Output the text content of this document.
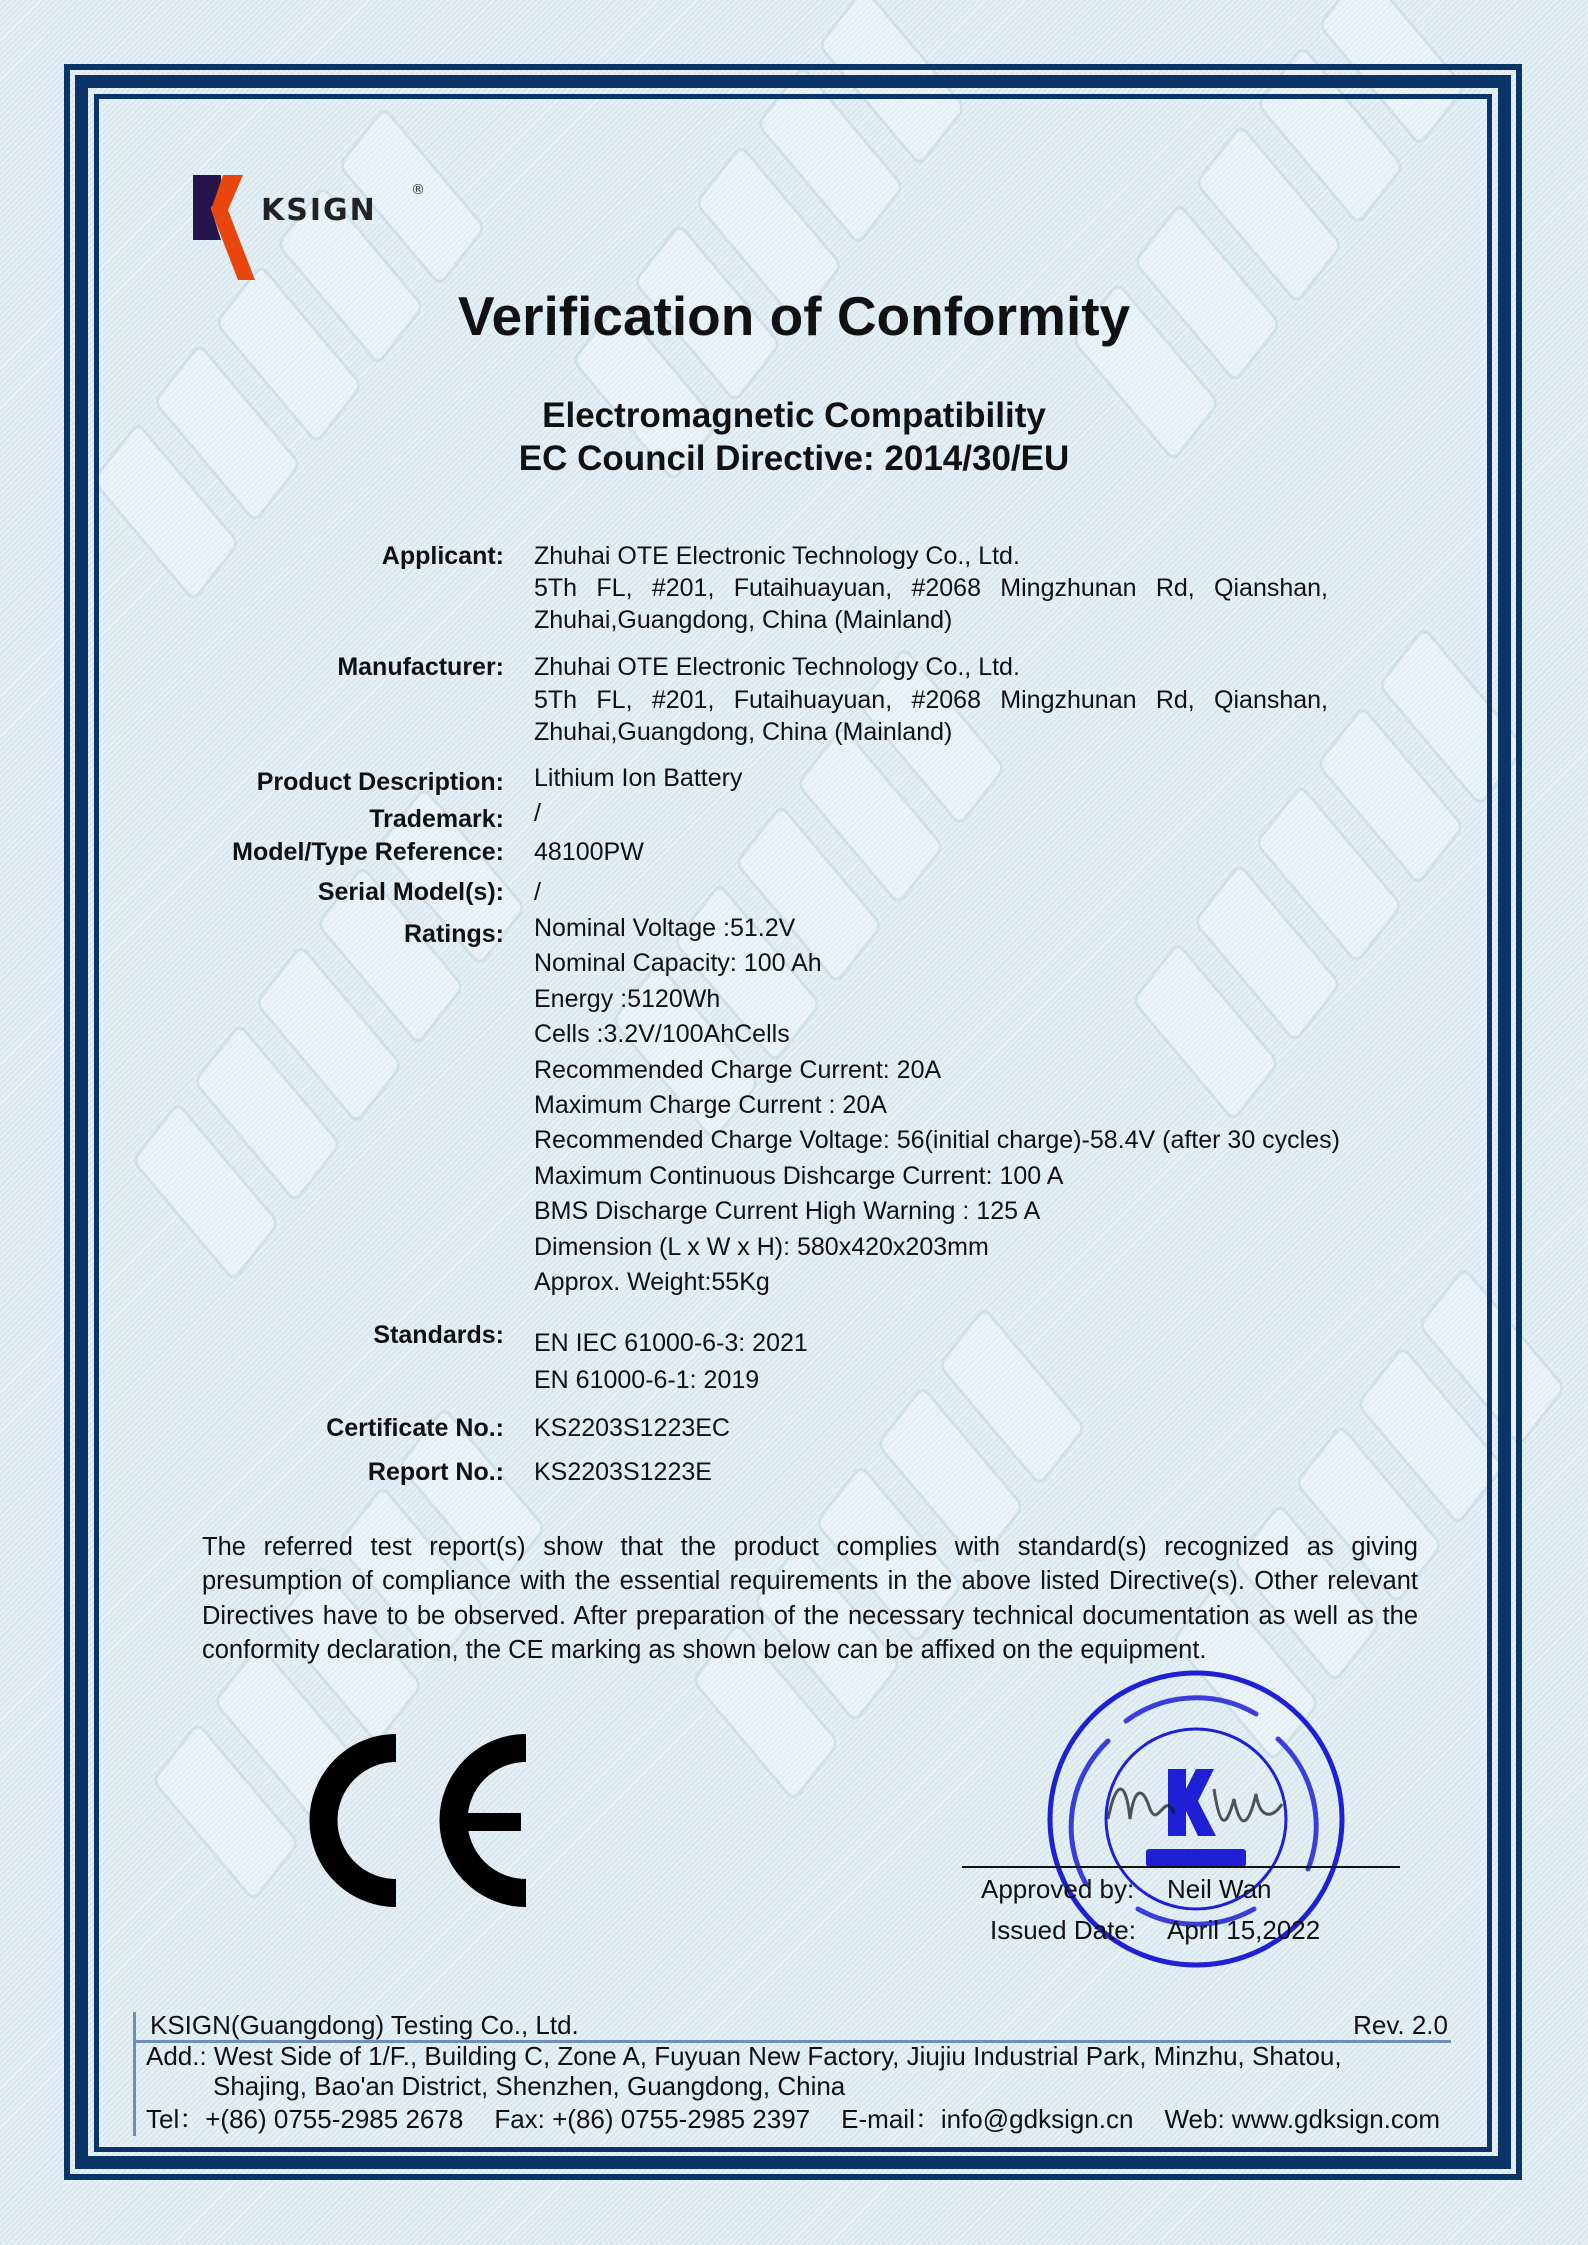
KSIGN
®
Verification of Conformity
Electromagnetic Compatibility
EC Council Directive: 2014/30/EU
Applicant: Zhuhai OTE Electronic Technology Co., Ltd.
5Th FL, #201, Futaihuayuan, #2068 Mingzhunan Rd, Qianshan,
Zhuhai,Guangdong, China (Mainland)
Manufacturer: Zhuhai OTE Electronic Technology Co., Ltd.
5Th FL, #201, Futaihuayuan, #2068 Mingzhunan Rd, Qianshan,
Zhuhai,Guangdong, China (Mainland)
Product Description: Lithium Ion Battery
Trademark: /
Model/Type Reference: 48100PW
Serial Model(s): /
Ratings: Nominal Voltage :51.2V
Nominal Capacity: 100 Ah
Energy :5120Wh
Cells :3.2V/100AhCells
Recommended Charge Current: 20A
Maximum Charge Current : 20A
Recommended Charge Voltage: 56(initial charge)-58.4V (after 30 cycles)
Maximum Continuous Dishcarge Current: 100 A
BMS Discharge Current High Warning : 125 A
Dimension (L x W x H): 580x420x203mm
Approx. Weight:55Kg
Standards: EN IEC 61000-6-3: 2021
EN 61000-6-1: 2019
Certificate No.: KS2203S1223EC
Report No.: KS2203S1223E
The referred test report(s) show that the product complies with standard(s) recognized as giving presumption of compliance with the essential requirements in the above listed Directive(s). Other relevant Directives have to be observed. After preparation of the necessary technical documentation as well as the conformity declaration, the CE marking as shown below can be affixed on the equipment.
Approved by: Neil Wan
Issued Date: April 15,2022
KSIGN(Guangdong) Testing Co., Ltd.	Rev. 2.0
Add.: West Side of 1/F., Building C, Zone A, Fuyuan New Factory, Jiujiu Industrial Park, Minzhu, Shatou,
Shajing, Bao'an District, Shenzhen, Guangdong, China
Tel：+(86) 0755-2985 2678 Fax: +(86) 0755-2985 2397 E-mail：info@gdksign.cn Web: www.gdksign.com
